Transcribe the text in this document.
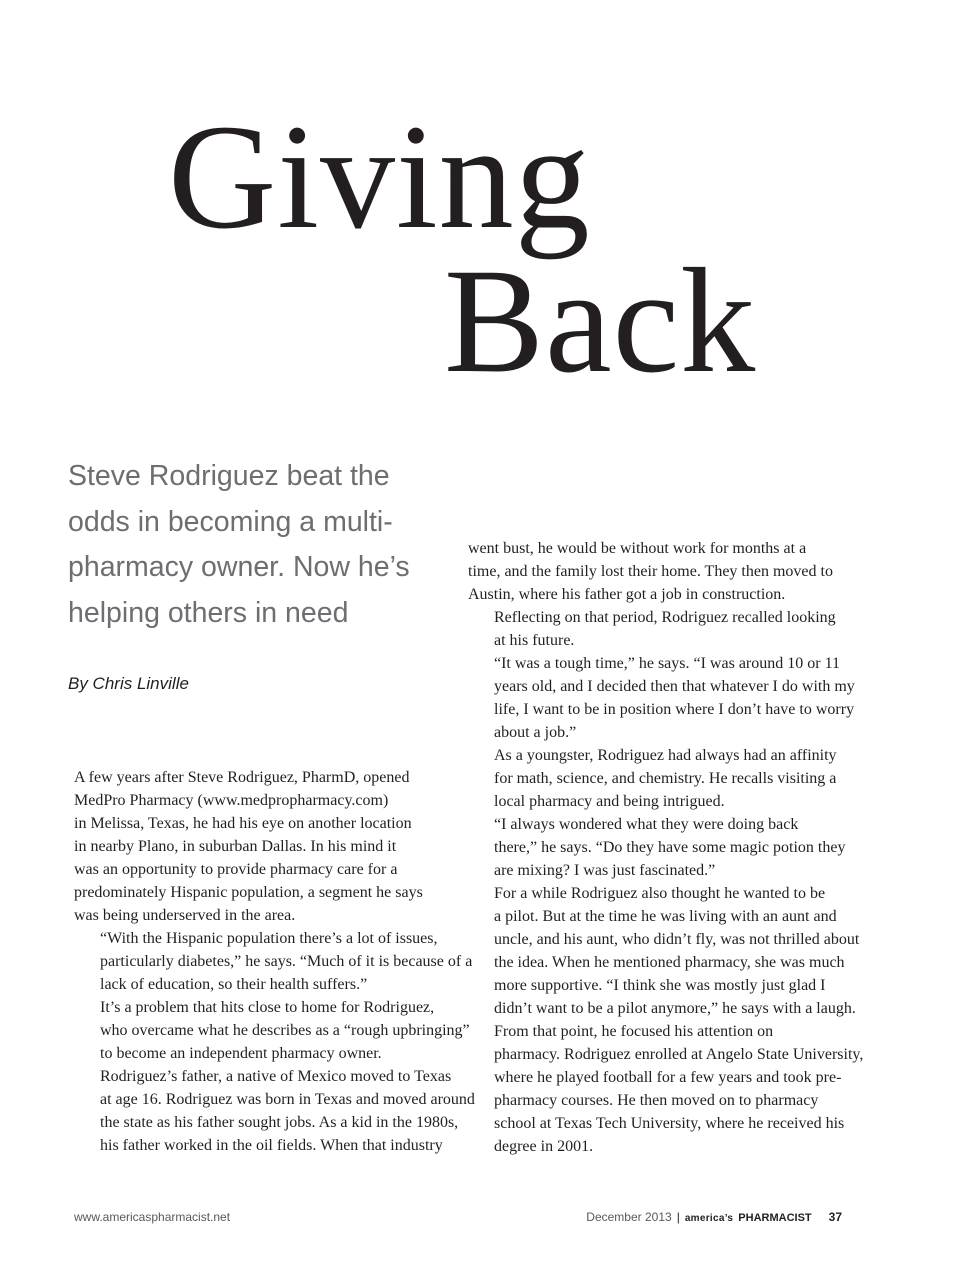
Giving
Back

Steve Rodriguez beat the odds in becoming a multi-pharmacy owner. Now he’s helping others in need

By Chris Linville

A few years after Steve Rodriguez, PharmD, opened
MedPro Pharmacy (www.medpropharmacy.com)
in Melissa, Texas, he had his eye on another location
in nearby Plano, in suburban Dallas. In his mind it
was an opportunity to provide pharmacy care for a
predominately Hispanic population, a segment he says
was being underserved in the area.

“With the Hispanic population there’s a lot of issues,
particularly diabetes,” he says. “Much of it is because of a
lack of education, so their health suffers.”

It’s a problem that hits close to home for Rodriguez,
who overcame what he describes as a “rough upbringing”
to become an independent pharmacy owner.

Rodriguez’s father, a native of Mexico moved to Texas
at age 16. Rodriguez was born in Texas and moved around
the state as his father sought jobs. As a kid in the 1980s,
his father worked in the oil fields. When that industry

went bust, he would be without work for months at a
time, and the family lost their home. They then moved to
Austin, where his father got a job in construction.

Reflecting on that period, Rodriguez recalled looking
at his future.

“It was a tough time,” he says. “I was around 10 or 11
years old, and I decided then that whatever I do with my
life, I want to be in position where I don’t have to worry
about a job.”

As a youngster, Rodriguez had always had an affinity
for math, science, and chemistry. He recalls visiting a
local pharmacy and being intrigued.

“I always wondered what they were doing back
there,” he says. “Do they have some magic potion they
are mixing? I was just fascinated.”

For a while Rodriguez also thought he wanted to be
a pilot. But at the time he was living with an aunt and
uncle, and his aunt, who didn’t fly, was not thrilled about
the idea. When he mentioned pharmacy, she was much
more supportive. “I think she was mostly just glad I
didn’t want to be a pilot anymore,” he says with a laugh.

From that point, he focused his attention on
pharmacy. Rodriguez enrolled at Angelo State University,
where he played football for a few years and took pre-
pharmacy courses. He then moved on to pharmacy
school at Texas Tech University, where he received his
degree in 2001.

www.americaspharmacist.net	December 2013 | america’s PHARMACIST 37
